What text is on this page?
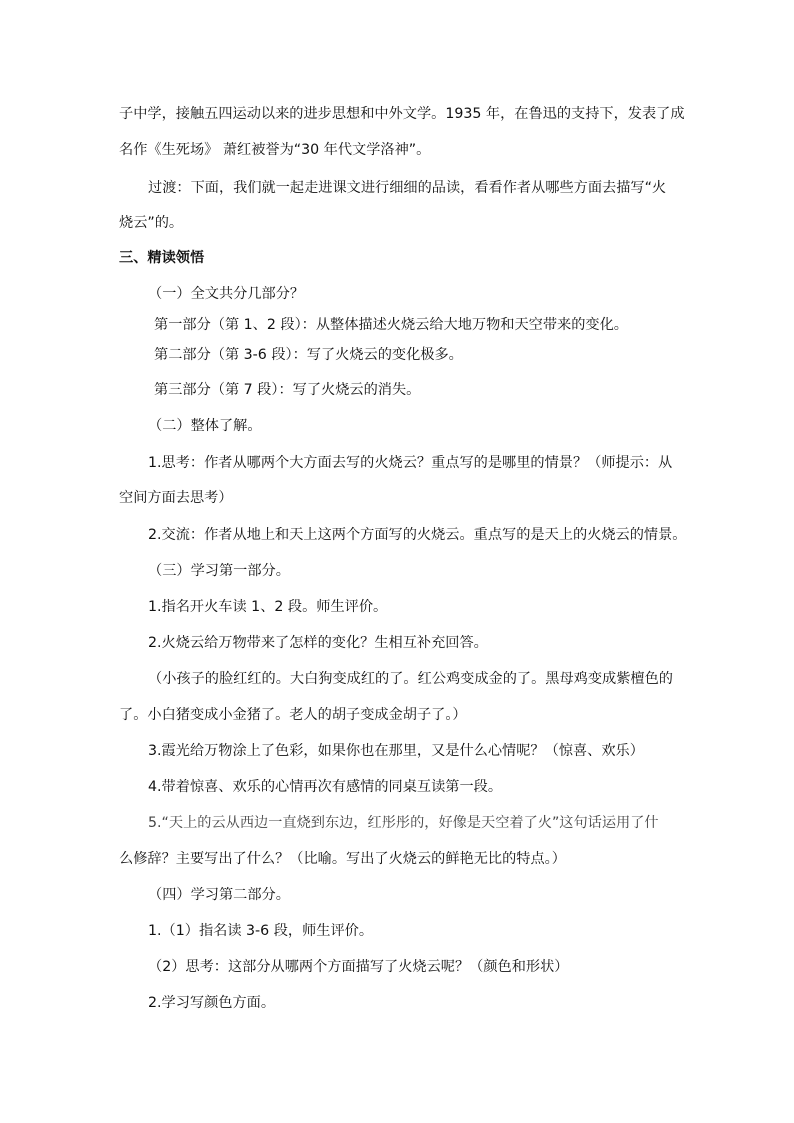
子中学，接触五四运动以来的进步思想和中外文学。1935 年，在鲁迅的支持下，发表了成
名作《生死场》 萧红被誉为“30 年代文学洛神”。
过渡：下面，我们就一起走进课文进行细细的品读，看看作者从哪些方面去描写“火
烧云”的。
三、精读领悟
（一）全文共分几部分？
第一部分（第 1、2 段）：从整体描述火烧云给大地万物和天空带来的变化。
第二部分（第 3-6 段）：写了火烧云的变化极多。
第三部分（第 7 段）：写了火烧云的消失。
（二）整体了解。
1.思考：作者从哪两个大方面去写的火烧云？重点写的是哪里的情景？（师提示：从
空间方面去思考）
2.交流：作者从地上和天上这两个方面写的火烧云。重点写的是天上的火烧云的情景。
（三）学习第一部分。
1.指名开火车读 1、2 段。师生评价。
2.火烧云给万物带来了怎样的变化？生相互补充回答。
（小孩子的脸红红的。大白狗变成红的了。红公鸡变成金的了。黑母鸡变成紫檀色的
了。小白猪变成小金猪了。老人的胡子变成金胡子了。）
3.霞光给万物涂上了色彩，如果你也在那里，又是什么心情呢？（惊喜、欢乐）
4.带着惊喜、欢乐的心情再次有感情的同桌互读第一段。
5.“天上的云从西边一直烧到东边，红彤彤的，好像是天空着了火”这句话运用了什
么修辞？主要写出了什么？（比喻。写出了火烧云的鲜艳无比的特点。）
（四）学习第二部分。
1.（1）指名读 3-6 段，师生评价。
（2）思考：这部分从哪两个方面描写了火烧云呢？（颜色和形状）
2.学习写颜色方面。
